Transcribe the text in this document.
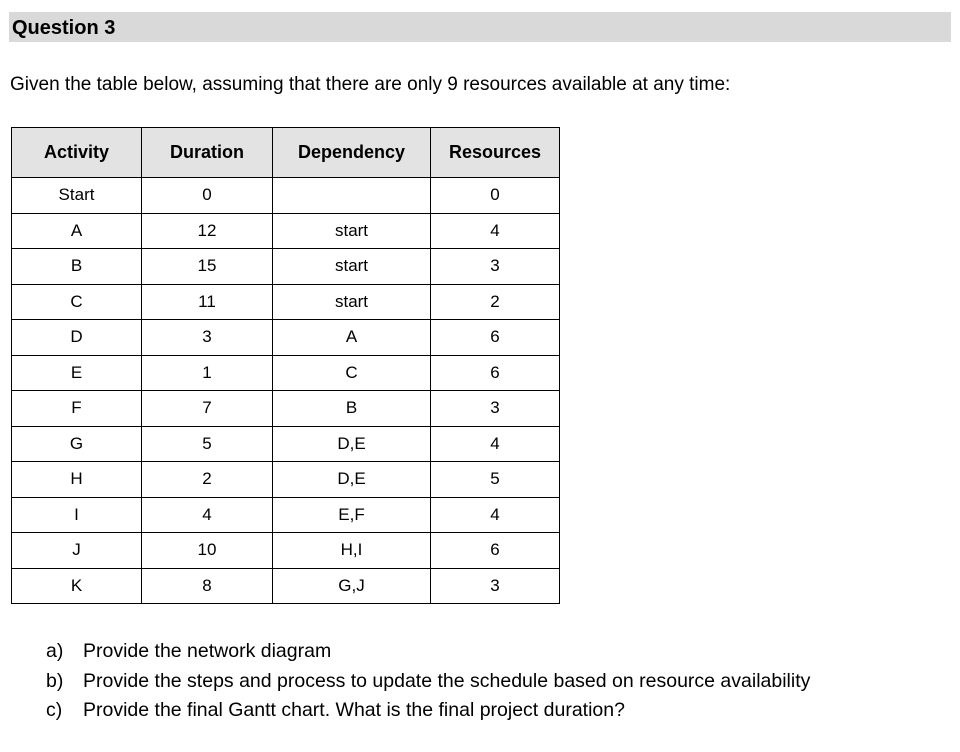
Question 3
Given the table below, assuming that there are only 9 resources available at any time:
Activity	Duration	Dependency	Resources
Start	0		0
A	12	start	4
B	15	start	3
C	11	start	2
D	3	A	6
E	1	C	6
F	7	B	3
G	5	D,E	4
H	2	D,E	5
I	4	E,F	4
J	10	H,I	6
K	8	G,J	3
a) Provide the network diagram
b) Provide the steps and process to update the schedule based on resource availability
c) Provide the final Gantt chart. What is the final project duration?
